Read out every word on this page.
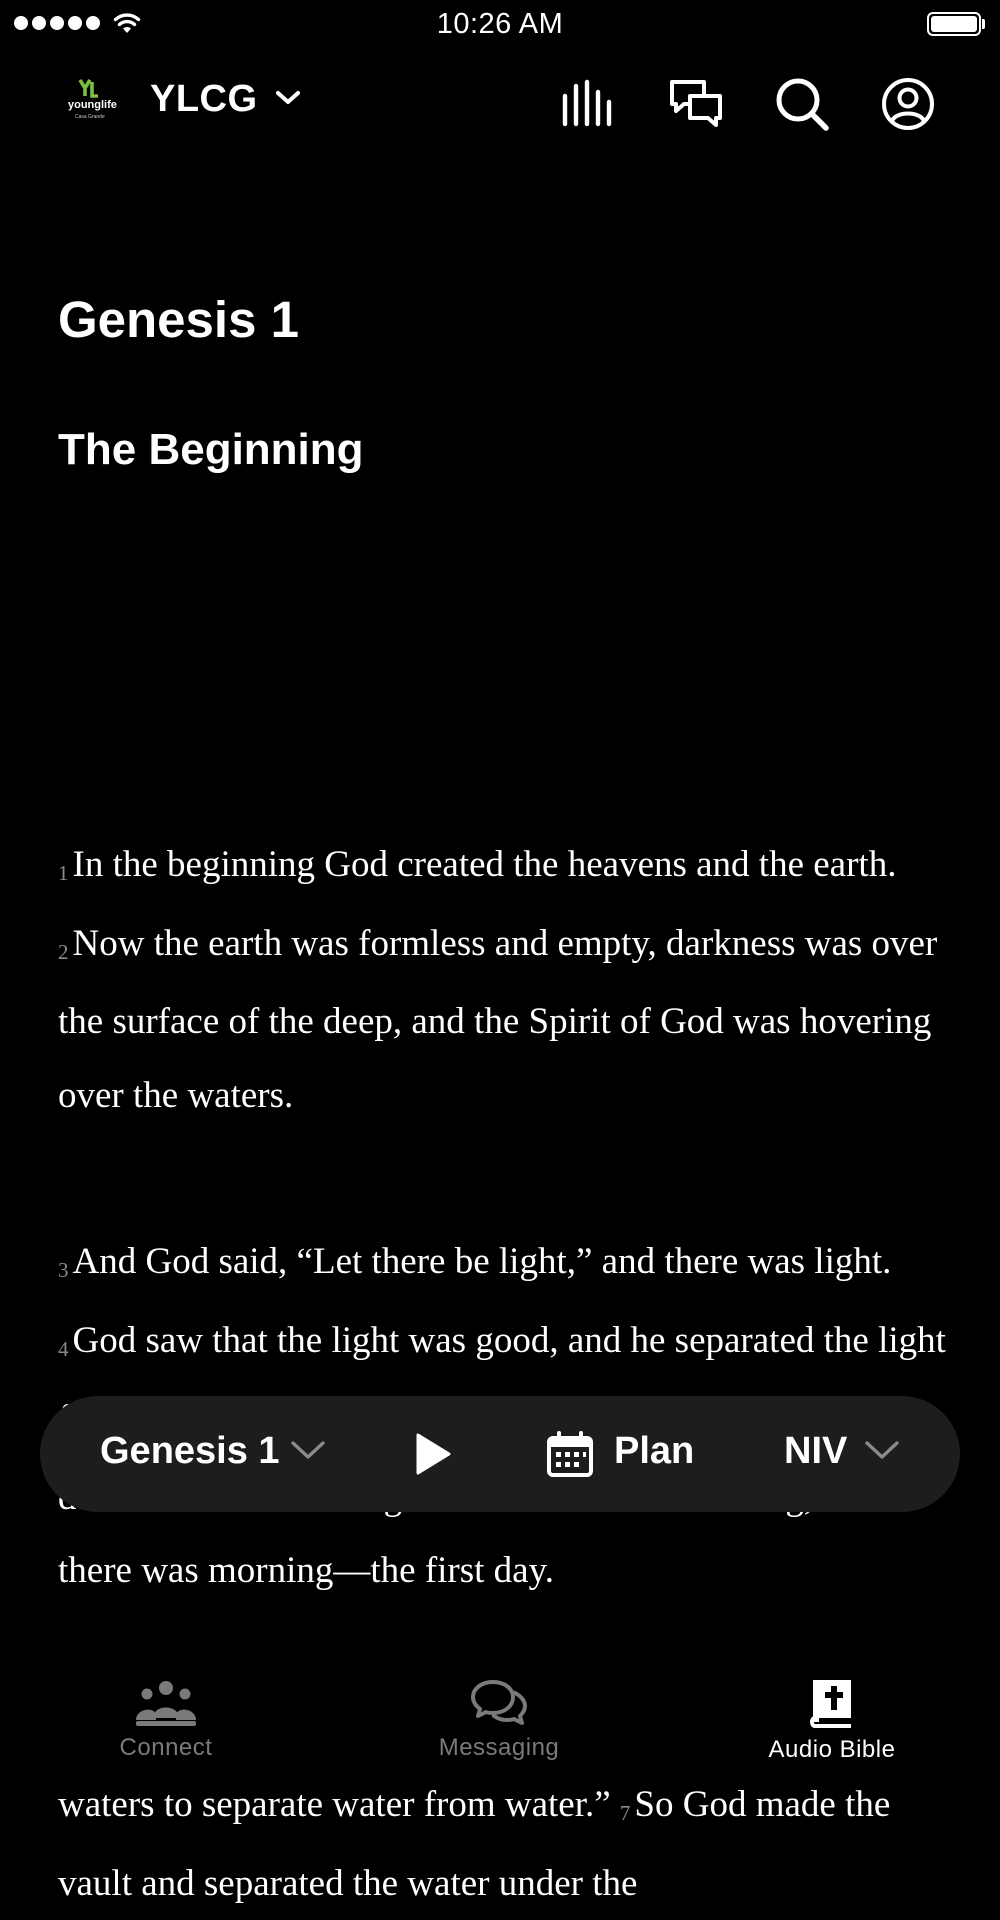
10:26 AM
younglife
Casa Grande YLCG
Genesis 1
The Beginning

1 In the beginning God created the heavens and the earth. 2 Now the earth was formless and empty, darkness was over the surface of the deep, and the Spirit of God was hovering over the waters.

3 And God said, “Let there be light,” and there was light. 4 God saw that the light was good, and he separated the light there was morning—the first day.

waters to separate water from water.” 7 So God made the vault and separated the water under the

Genesis 1	Plan NIV
Connect	Messaging	Audio Bible
